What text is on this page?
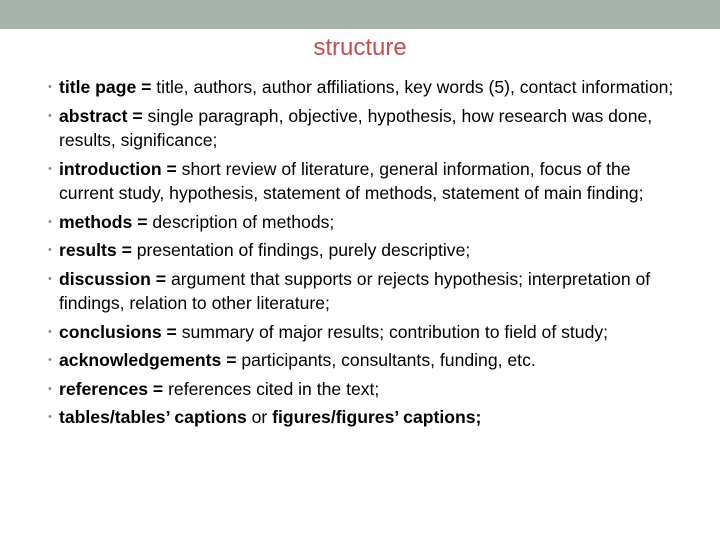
structure
• title page = title, authors, author affiliations, key words (5), contact information;
• abstract = single paragraph, objective, hypothesis, how research was done, results, significance;
• introduction = short review of literature, general information, focus of the current study, hypothesis, statement of methods, statement of main finding;
• methods = description of methods;
• results = presentation of findings, purely descriptive;
• discussion = argument that supports or rejects hypothesis; interpretation of findings, relation to other literature;
• conclusions = summary of major results; contribution to field of study;
• acknowledgements = participants, consultants, funding, etc.
• references = references cited in the text;
• tables/tables’ captions or figures/figures’ captions;
